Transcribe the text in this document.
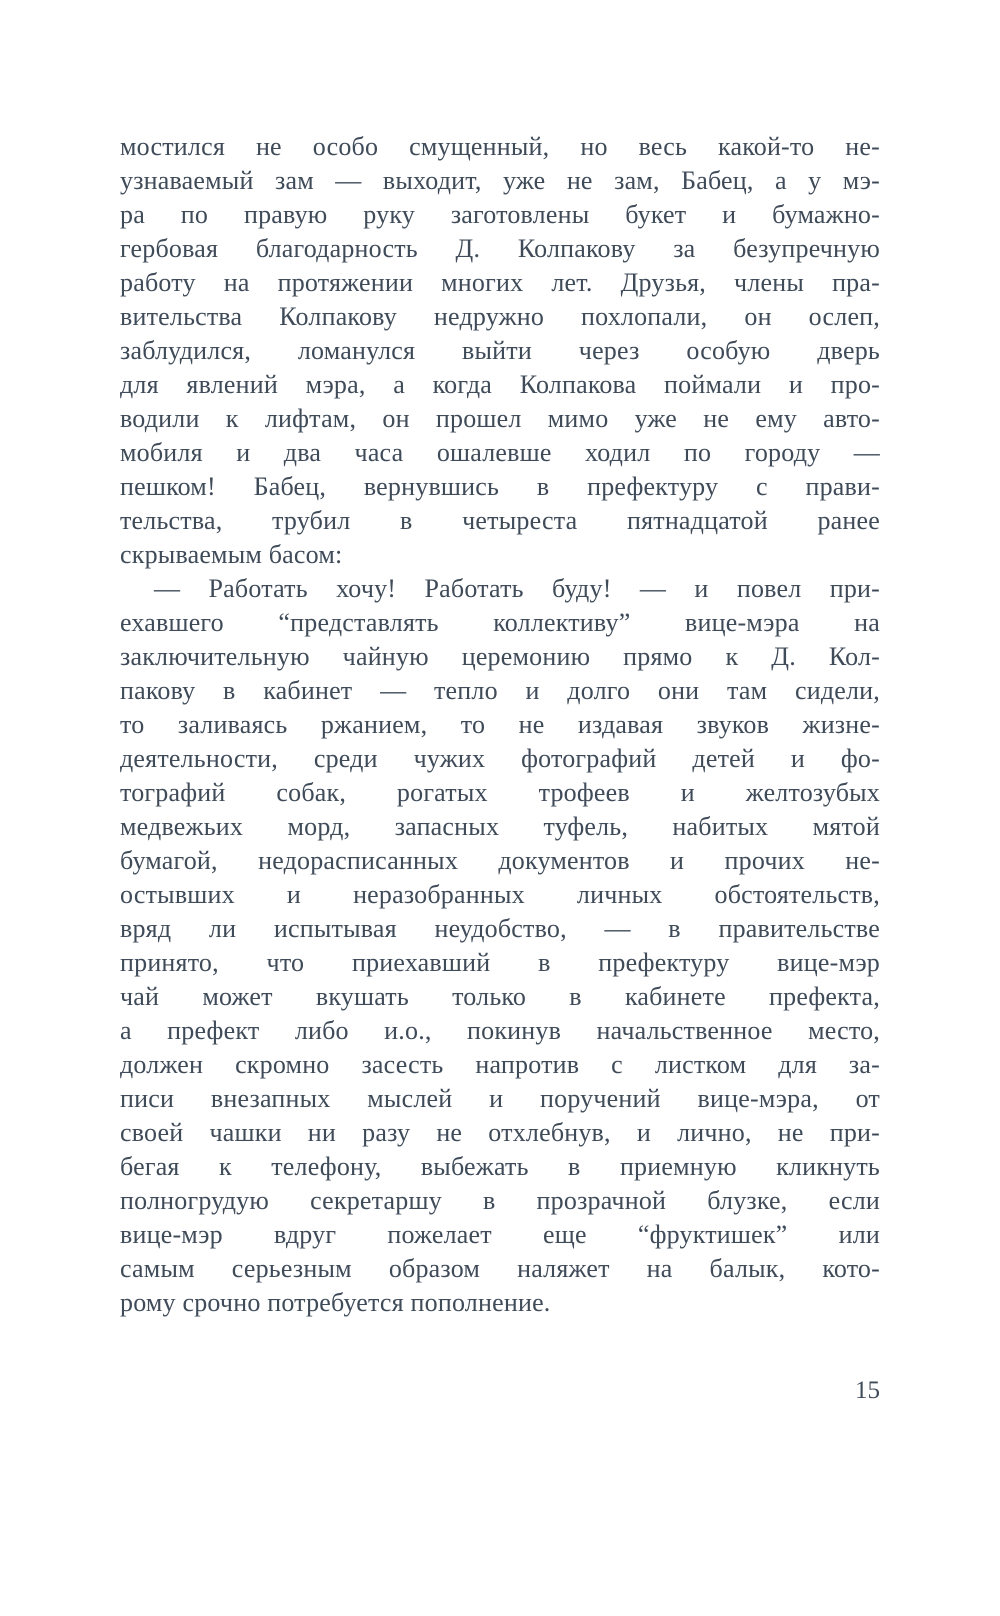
мостился не особо смущенный, но весь какой-то не-
узнаваемый зам — выходит, уже не зам, Бабец, а у мэ-
ра по правую руку заготовлены букет и бумажно-
гербовая благодарность Д. Колпакову за безупречную
работу на протяжении многих лет. Друзья, члены пра-
вительства Колпакову недружно похлопали, он ослеп,
заблудился, ломанулся выйти через особую дверь
для явлений мэра, а когда Колпакова поймали и про-
водили к лифтам, он прошел мимо уже не ему авто-
мобиля и два часа ошалевше ходил по городу —
пешком! Бабец, вернувшись в префектуру с прави-
тельства, трубил в четыреста пятнадцатой ранее
скрываемым басом:
— Работать хочу! Работать буду! — и повел при-
ехавшего “представлять коллективу” вице-мэра на
заключительную чайную церемонию прямо к Д. Кол-
пакову в кабинет — тепло и долго они там сидели,
то заливаясь ржанием, то не издавая звуков жизне-
деятельности, среди чужих фотографий детей и фо-
тографий собак, рогатых трофеев и желтозубых
медвежьих морд, запасных туфель, набитых мятой
бумагой, недорасписанных документов и прочих не-
остывших и неразобранных личных обстоятельств,
вряд ли испытывая неудобство, — в правительстве
принято, что приехавший в префектуру вице-мэр
чай может вкушать только в кабинете префекта,
а префект либо и.о., покинув начальственное место,
должен скромно засесть напротив с листком для за-
писи внезапных мыслей и поручений вице-мэра, от
своей чашки ни разу не отхлебнув, и лично, не при-
бегая к телефону, выбежать в приемную кликнуть
полногрудую секретаршу в прозрачной блузке, если
вице-мэр вдруг пожелает еще “фруктишек” или
самым серьезным образом наляжет на балык, кото-
рому срочно потребуется пополнение.
15
